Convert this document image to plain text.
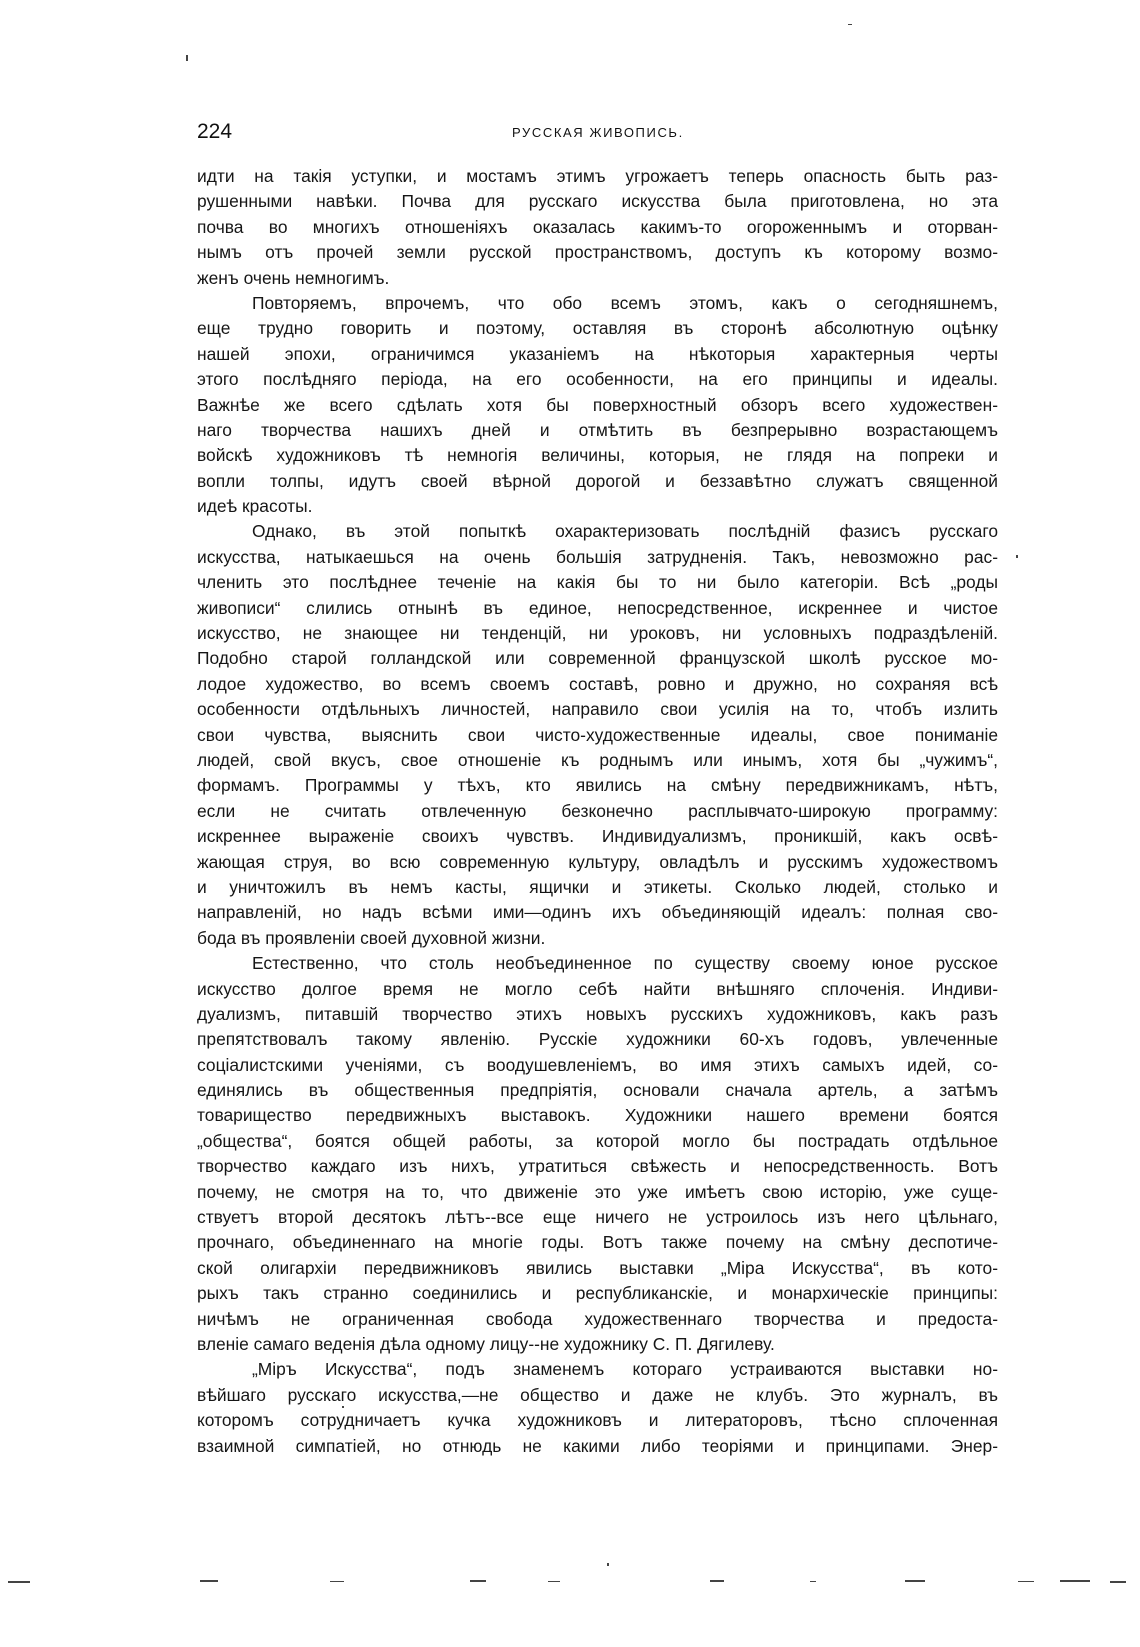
224	РУССКАЯ ЖИВОПИСЬ.
идти на такія уступки, и мостамъ этимъ угрожаетъ теперь опасность быть раз-
рушенными навѣки. Почва для русскаго искусства была приготовлена, но эта
почва во многихъ отношеніяхъ оказалась какимъ-то огороженнымъ и оторван-
нымъ отъ прочей земли русской пространствомъ, доступъ къ которому возмо-
женъ очень немногимъ.
Повторяемъ, впрочемъ, что обо всемъ этомъ, какъ о сегодняшнемъ,
еще трудно говорить и поэтому, оставляя въ сторонѣ абсолютную оцѣнку
нашей эпохи, ограничимся указаніемъ на нѣкоторыя характерныя черты
этого послѣдняго періода, на его особенности, на его принципы и идеалы.
Важнѣе же всего сдѣлать хотя бы поверхностный обзоръ всего художествен-
наго творчества нашихъ дней и отмѣтить въ безпрерывно возрастающемъ
войскѣ художниковъ тѣ немногія величины, которыя, не глядя на попреки и
вопли толпы, идутъ своей вѣрной дорогой и беззавѣтно служатъ священной
идеѣ красоты.
Однако, въ этой попыткѣ охарактеризовать послѣдній фазисъ русскаго
искусства, натыкаешься на очень большія затрудненія. Такъ, невозможно рас-
членить это послѣднее теченіе на какія бы то ни было категоріи. Всѣ „роды
живописи“ слились отнынѣ въ единое, непосредственное, искреннее и чистое
искусство, не знающее ни тенденцій, ни уроковъ, ни условныхъ подраздѣленій.
Подобно старой голландской или современной французской школѣ русское мо-
лодое художество, во всемъ своемъ составѣ, ровно и дружно, но сохраняя всѣ
особенности отдѣльныхъ личностей, направило свои усилія на то, чтобъ излить
свои чувства, выяснить свои чисто-художественные идеалы, свое пониманіе
людей, свой вкусъ, свое отношеніе къ роднымъ или инымъ, хотя бы „чужимъ“,
формамъ. Программы у тѣхъ, кто явились на смѣну передвижникамъ, нѣтъ,
если не считать отвлеченную безконечно расплывчато-широкую программу:
искреннее выраженіе своихъ чувствъ. Индивидуализмъ, проникшій, какъ освѣ-
жающая струя, во всю современную культуру, овладѣлъ и русскимъ художествомъ
и уничтожилъ въ немъ касты, ящички и этикеты. Сколько людей, столько и
направленій, но надъ всѣми ими—одинъ ихъ объединяющій идеалъ: полная сво-
бода въ проявленіи своей духовной жизни.
Естественно, что столь необъединенное по существу своему юное русское
искусство долгое время не могло себѣ найти внѣшняго сплоченія. Индиви-
дуализмъ, питавшій творчество этихъ новыхъ русскихъ художниковъ, какъ разъ
препятствовалъ такому явленію. Русскіе художники 60-хъ годовъ, увлеченные
соціалистскими ученіями, съ воодушевленіемъ, во имя этихъ самыхъ идей, со-
единялись въ общественныя предпріятія, основали сначала артель, а затѣмъ
товарищество передвижныхъ выставокъ. Художники нашего времени боятся
„общества“, боятся общей работы, за которой могло бы пострадать отдѣльное
творчество каждаго изъ нихъ, утратиться свѣжесть и непосредственность. Вотъ
почему, не смотря на то, что движеніе это уже имѣетъ свою исторію, уже суще-
ствуетъ второй десятокъ лѣтъ--все еще ничего не устроилось изъ него цѣльнаго,
прочнаго, объединеннаго на многіе годы. Вотъ также почему на смѣну деспотиче-
ской олигархіи передвижниковъ явились выставки „Міра Искусства“, въ кото-
рыхъ такъ странно соединились и республиканскіе, и монархическіе принципы:
ничѣмъ не ограниченная свобода художественнаго творчества и предоста-
вленіе самаго веденія дѣла одному лицу--не художнику С. П. Дягилеву.
„Міръ Искусства“, подъ знаменемъ котораго устраиваются выставки но-
вѣйшаго русскаго искусства,—не общество и даже не клубъ. Это журналъ, въ
которомъ сотрудничаетъ кучка художниковъ и литераторовъ, тѣсно сплоченная
взаимной симпатіей, но отнюдь не какими либо теоріями и принципами. Энер-
